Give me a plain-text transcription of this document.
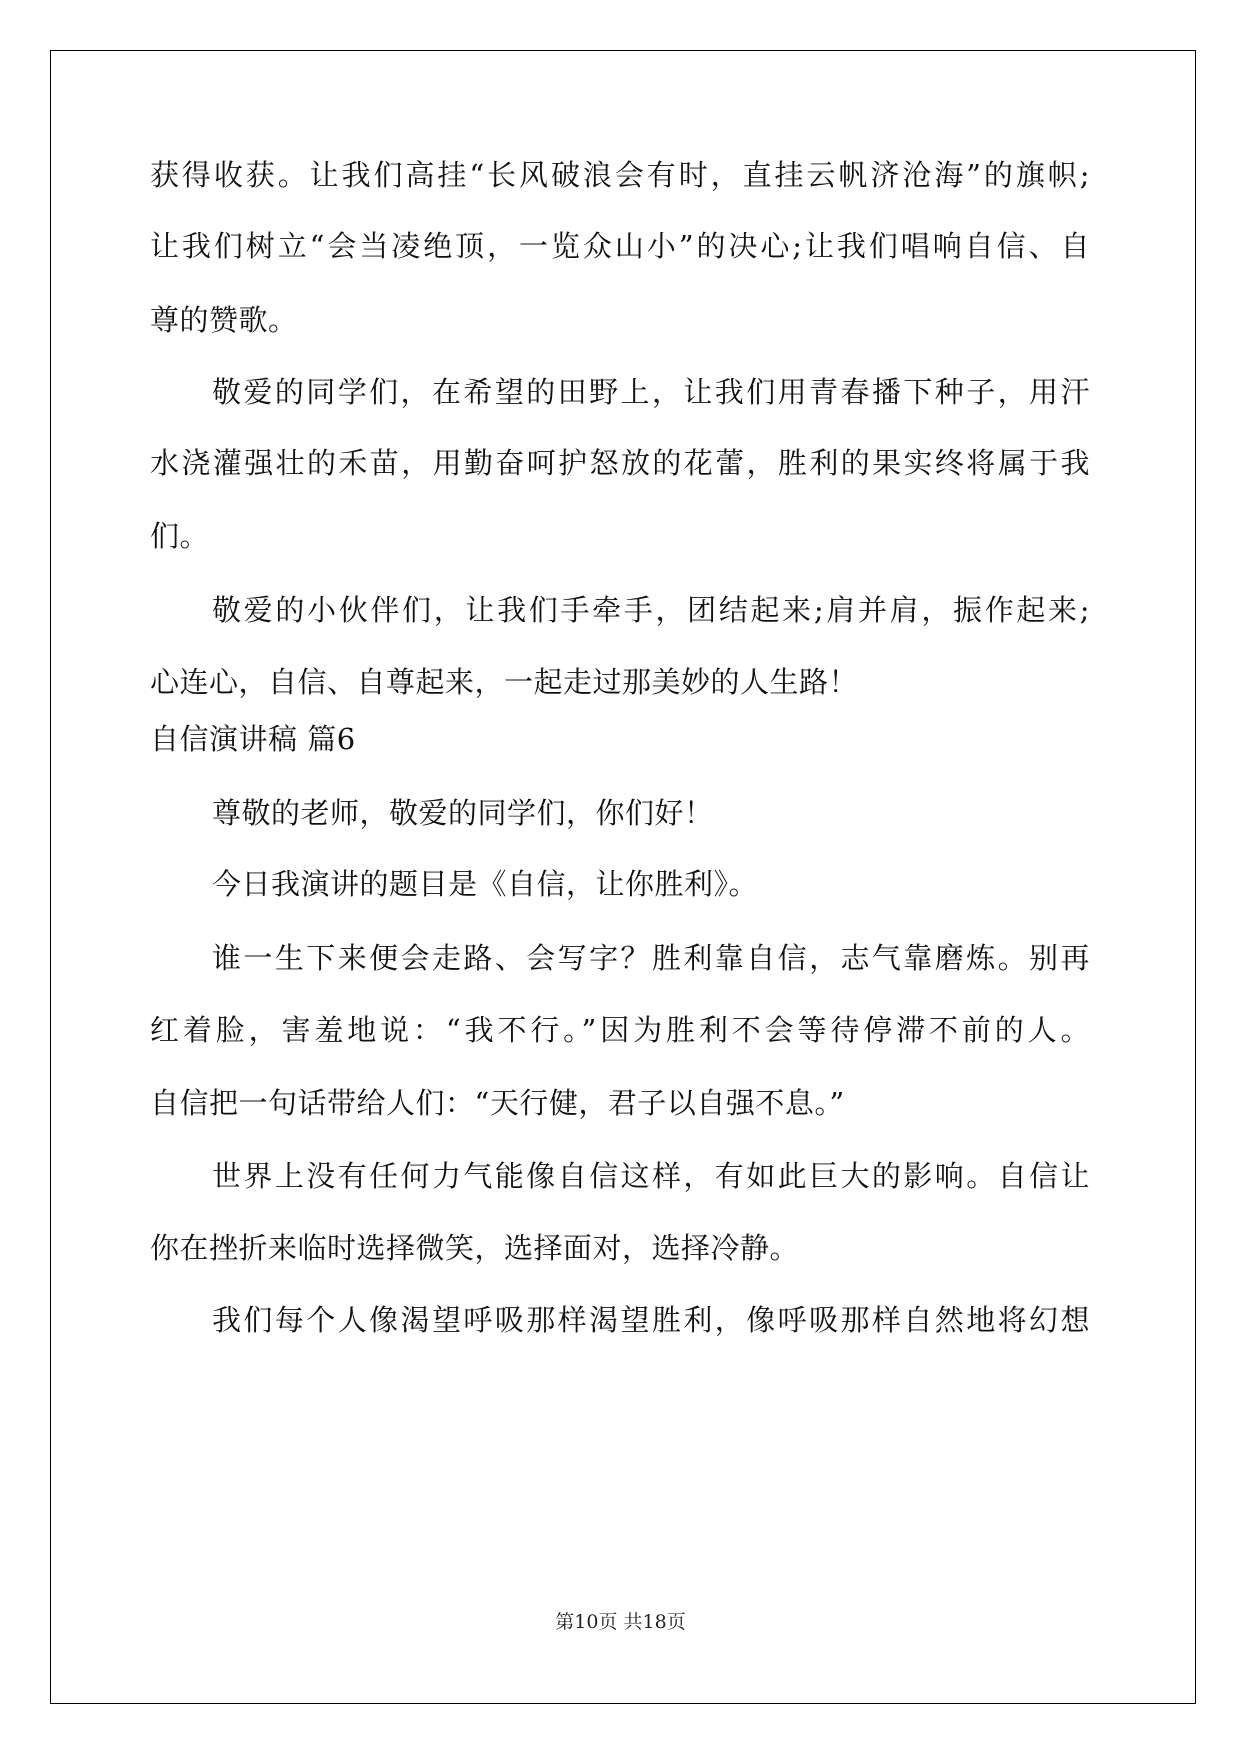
获得收获。让我们高挂“长风破浪会有时，直挂云帆济沧海”的旗帜;
让我们树立“会当凌绝顶，一览众山小”的决心;让我们唱响自信、自
尊的赞歌。
敬爱的同学们，在希望的田野上，让我们用青春播下种子，用汗
水浇灌强壮的禾苗，用勤奋呵护怒放的花蕾，胜利的果实终将属于我
们。
敬爱的小伙伴们，让我们手牵手，团结起来;肩并肩，振作起来;
心连心，自信、自尊起来，一起走过那美妙的人生路！
自信演讲稿 篇6
尊敬的老师，敬爱的同学们，你们好！
今日我演讲的题目是《自信，让你胜利》。
谁一生下来便会走路、会写字？胜利靠自信，志气靠磨炼。别再
红着脸，害羞地说：“我不行。”因为胜利不会等待停滞不前的人。
自信把一句话带给人们：“天行健，君子以自强不息。”
世界上没有任何力气能像自信这样，有如此巨大的影响。自信让
你在挫折来临时选择微笑，选择面对，选择冷静。
我们每个人像渴望呼吸那样渴望胜利，像呼吸那样自然地将幻想
第10页 共18页
